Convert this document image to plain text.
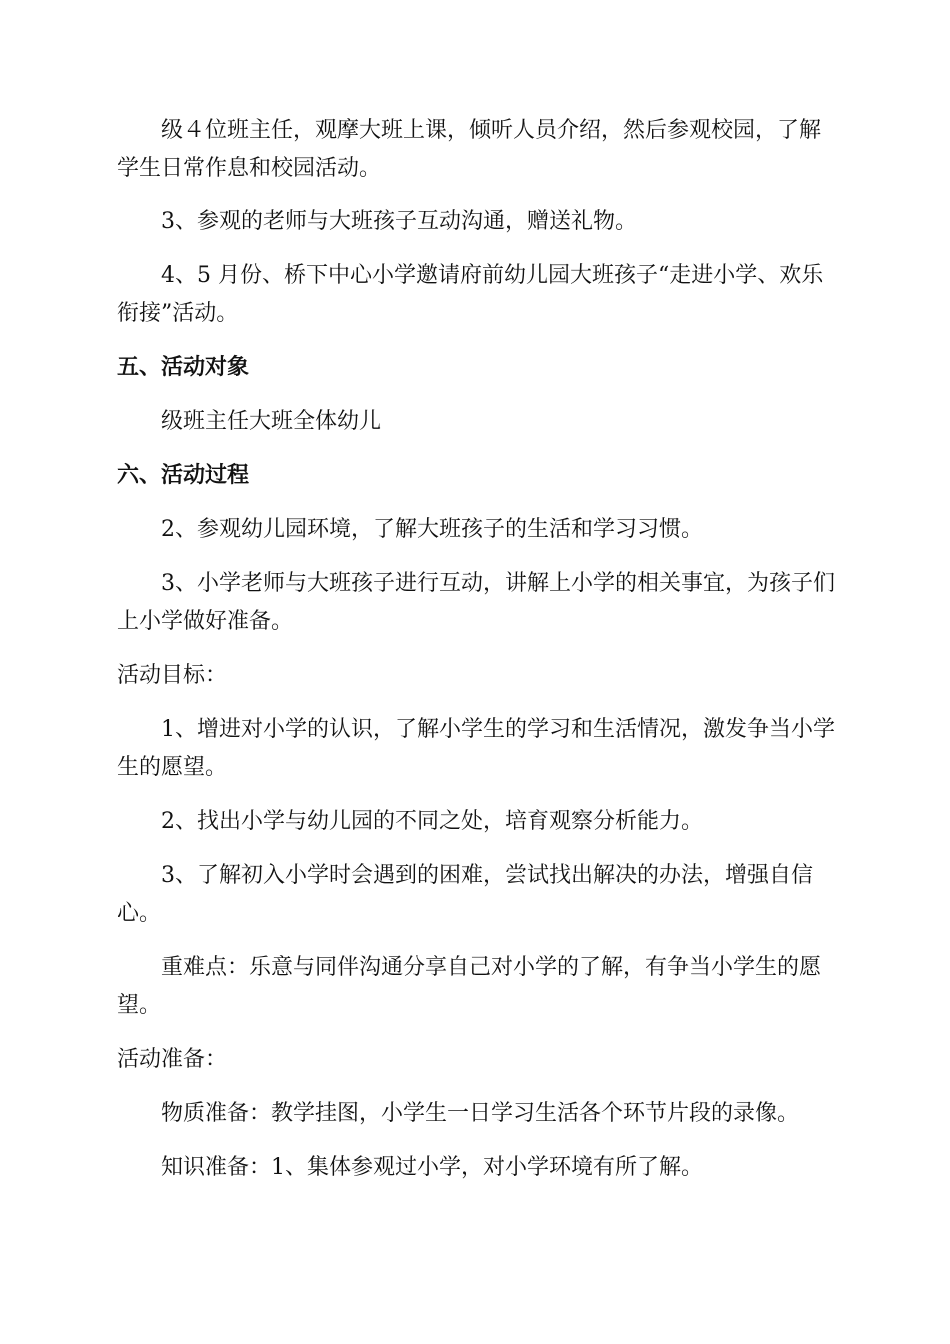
级４位班主任，观摩大班上课，倾听人员介绍，然后参观校园，了解学生日常作息和校园活动。

3、参观的老师与大班孩子互动沟通，赠送礼物。

4、5 月份、桥下中心小学邀请府前幼儿园大班孩子“走进小学、欢乐衔接”活动。

五、活动对象

级班主任大班全体幼儿

六、活动过程

2、参观幼儿园环境，了解大班孩子的生活和学习习惯。

3、小学老师与大班孩子进行互动，讲解上小学的相关事宜，为孩子们上小学做好准备。

活动目标：

1、增进对小学的认识，了解小学生的学习和生活情况，激发争当小学生的愿望。

2、找出小学与幼儿园的不同之处，培育观察分析能力。

3、了解初入小学时会遇到的困难，尝试找出解决的办法，增强自信心。

重难点：乐意与同伴沟通分享自己对小学的了解，有争当小学生的愿望。

活动准备：

物质准备：教学挂图，小学生一日学习生活各个环节片段的录像。

知识准备：1、集体参观过小学，对小学环境有所了解。
